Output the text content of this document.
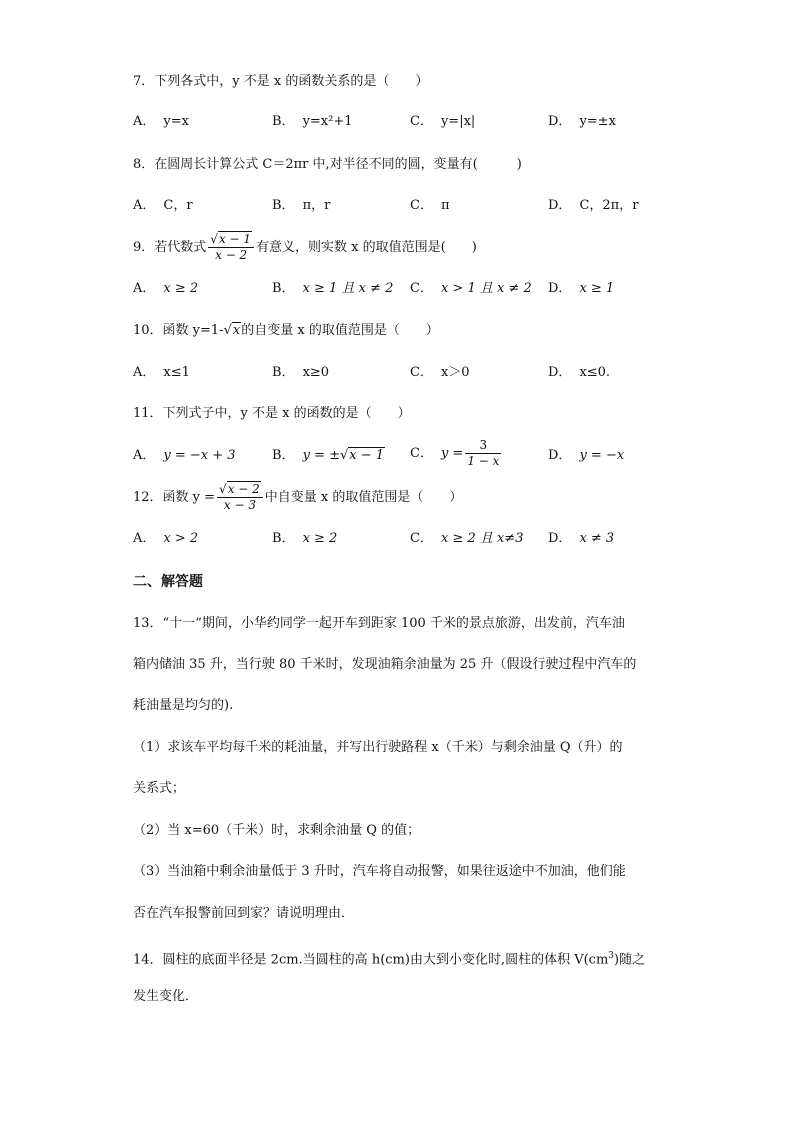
7．下列各式中，y 不是 x 的函数关系的是（　　）
A． y=x	B． y=x²+1	C． y=|x|	D． y=±x
8．在圆周长计算公式 C＝2πr 中,对半径不同的圆，变量有(　　　)
A． C，r	B． π，r	C． π	D． C，2π，r
9．若代数式 $\frac{√x - 1}{x - 2}$ 有意义，则实数 x 的取值范围是(　　)
A． x ≥ 2	B． x ≥ 1 且 x ≠ 2 C． x > 1 且 x ≠ 2 D． x ≥ 1
10．函数 y=1-√x的自变量 x 的取值范围是（　　）
A． x≤1	B． x≥0	C． x＞0	D． x≤0.
11．下列式子中，y 不是 x 的函数的是（　　）
A． y = −x + 3	B． y = ±√x − 1 C． $y = \frac{3}{1 - x}$	D． y = −x
12．函数 $y = \frac{√x - 2}{x - 3}$ 中自变量 x 的取值范围是（　　）
A． x > 2	B． x ≥ 2	C． x ≥ 2 且 x≠3 D． x ≠ 3
二、解答题
13．“十一”期间，小华约同学一起开车到距家 100 千米的景点旅游，出发前，汽车油
箱内储油 35 升，当行驶 80 千米时，发现油箱余油量为 25 升（假设行驶过程中汽车的
耗油量是均匀的).
（1）求该车平均每千米的耗油量，并写出行驶路程 x（千米）与剩余油量 Q（升）的
关系式；
（2）当 x=60（千米）时，求剩余油量 Q 的值；
（3）当油箱中剩余油量低于 3 升时，汽车将自动报警，如果往返途中不加油，他们能
否在汽车报警前回到家？请说明理由．
14．圆柱的底面半径是 2cm.当圆柱的高 h(cm)由大到小变化时,圆柱的体积 $V(cm^3)$随之
发生变化．
